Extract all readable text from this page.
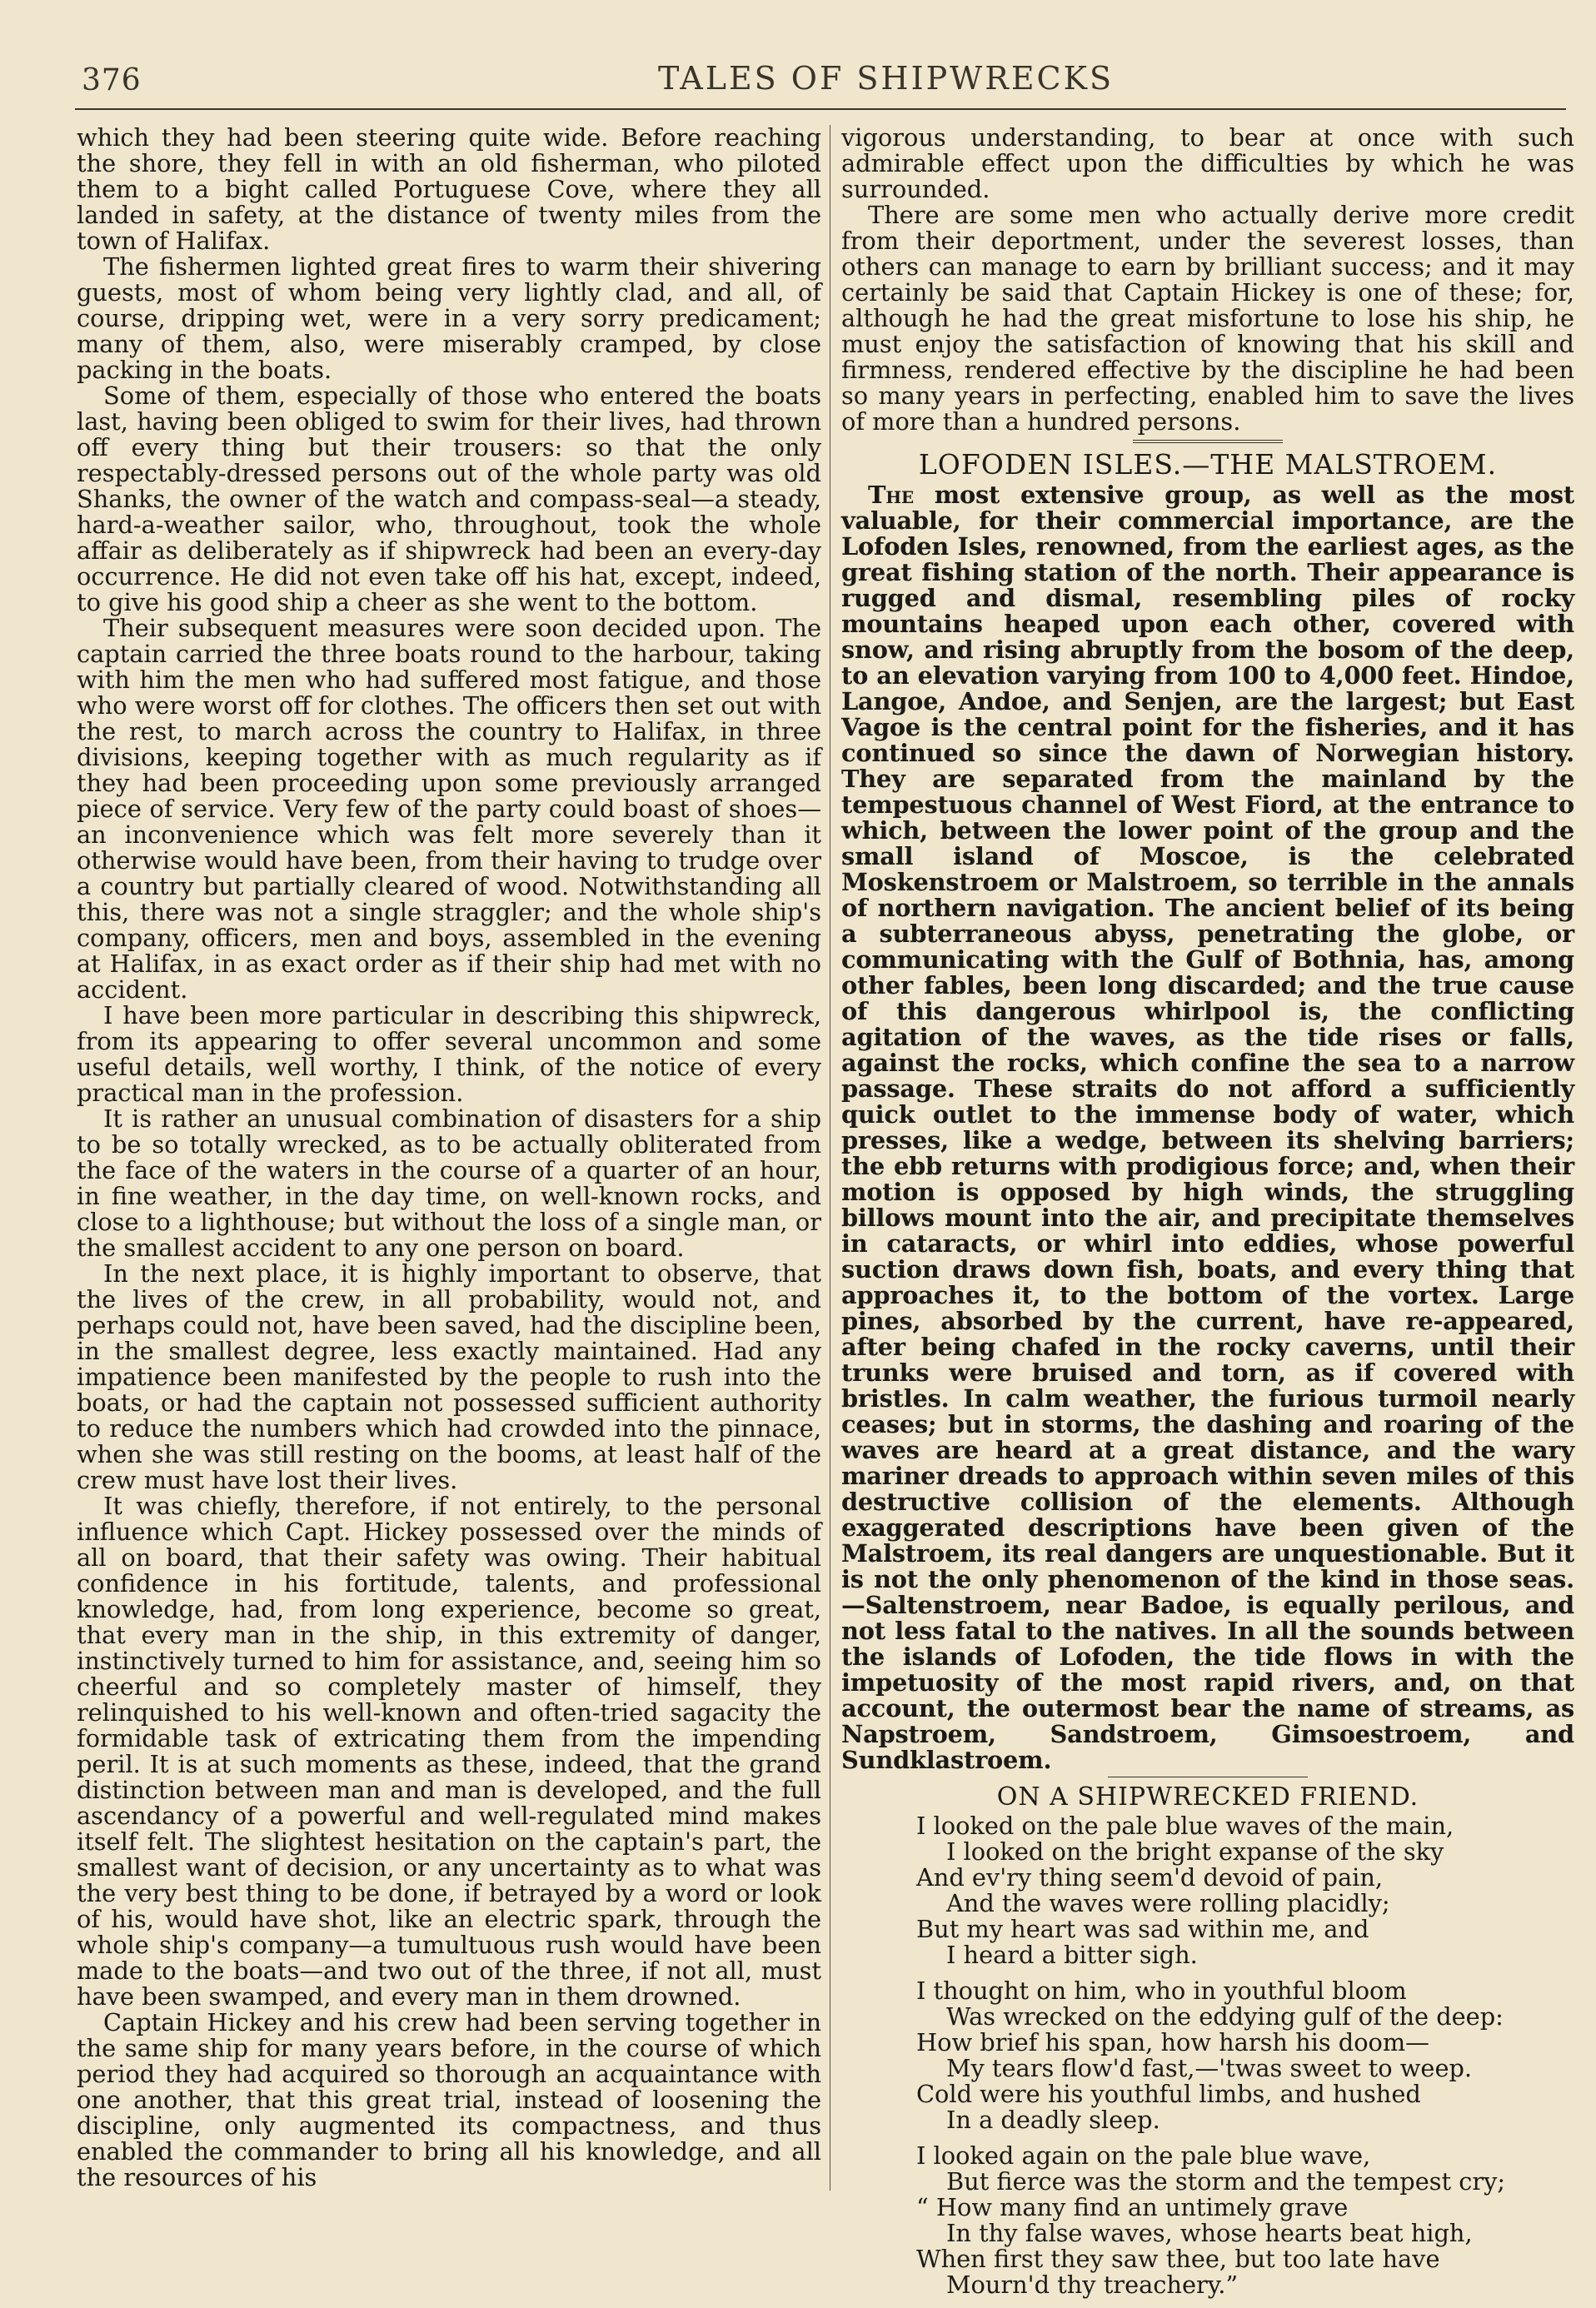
376	TALES OF SHIPWRECKS

which they had been steering quite wide. Before reaching the shore, they fell in with an old fisherman, who piloted them to a bight called Portuguese Cove, where they all landed in safety, at the distance of twenty miles from the town of Halifax.

The fishermen lighted great fires to warm their shivering guests, most of whom being very lightly clad, and all, of course, dripping wet, were in a very sorry predicament; many of them, also, were miserably cramped, by close packing in the boats.

Some of them, especially of those who entered the boats last, having been obliged to swim for their lives, had thrown off every thing but their trousers: so that the only respectably-dressed persons out of the whole party was old Shanks, the owner of the watch and compass-seal—a steady, hard-a-weather sailor, who, throughout, took the whole affair as deliberately as if shipwreck had been an every-day occurrence. He did not even take off his hat, except, indeed, to give his good ship a cheer as she went to the bottom.

Their subsequent measures were soon decided upon. The captain carried the three boats round to the harbour, taking with him the men who had suffered most fatigue, and those who were worst off for clothes. The officers then set out with the rest, to march across the country to Halifax, in three divisions, keeping together with as much regularity as if they had been proceeding upon some previously arranged piece of service. Very few of the party could boast of shoes—an inconvenience which was felt more severely than it otherwise would have been, from their having to trudge over a country but partially cleared of wood. Notwithstanding all this, there was not a single straggler; and the whole ship's company, officers, men and boys, assembled in the evening at Halifax, in as exact order as if their ship had met with no accident.

I have been more particular in describing this shipwreck, from its appearing to offer several uncommon and some useful details, well worthy, I think, of the notice of every practical man in the profession.

It is rather an unusual combination of disasters for a ship to be so totally wrecked, as to be actually obliterated from the face of the waters in the course of a quarter of an hour, in fine weather, in the day time, on well-known rocks, and close to a lighthouse; but without the loss of a single man, or the smallest accident to any one person on board.

In the next place, it is highly important to observe, that the lives of the crew, in all probability, would not, and perhaps could not, have been saved, had the discipline been, in the smallest degree, less exactly maintained. Had any impatience been manifested by the people to rush into the boats, or had the captain not possessed sufficient authority to reduce the numbers which had crowded into the pinnace, when she was still resting on the booms, at least half of the crew must have lost their lives.

It was chiefly, therefore, if not entirely, to the personal influence which Capt. Hickey possessed over the minds of all on board, that their safety was owing. Their habitual confidence in his fortitude, talents, and professional knowledge, had, from long experience, become so great, that every man in the ship, in this extremity of danger, instinctively turned to him for assistance, and, seeing him so cheerful and so completely master of himself, they relinquished to his well-known and often-tried sagacity the formidable task of extricating them from the impending peril. It is at such moments as these, indeed, that the grand distinction between man and man is developed, and the full ascendancy of a powerful and well-regulated mind makes itself felt. The slightest hesitation on the captain's part, the smallest want of decision, or any uncertainty as to what was the very best thing to be done, if betrayed by a word or look of his, would have shot, like an electric spark, through the whole ship's company—a tumultuous rush would have been made to the boats—and two out of the three, if not all, must have been swamped, and every man in them drowned.

Captain Hickey and his crew had been serving together in the same ship for many years before, in the course of which period they had acquired so thorough an acquaintance with one another, that this great trial, instead of loosening the discipline, only augmented its compactness, and thus enabled the commander to bring all his knowledge, and all the resources of his

vigorous understanding, to bear at once with such admirable effect upon the difficulties by which he was surrounded.

There are some men who actually derive more credit from their deportment, under the severest losses, than others can manage to earn by brilliant success; and it may certainly be said that Captain Hickey is one of these; for, although he had the great misfortune to lose his ship, he must enjoy the satisfaction of knowing that his skill and firmness, rendered effective by the discipline he had been so many years in perfecting, enabled him to save the lives of more than a hundred persons.

LOFODEN ISLES.—THE MALSTROEM.

The most extensive group, as well as the most valuable, for their commercial importance, are the Lofoden Isles, renowned, from the earliest ages, as the great fishing station of the north. Their appearance is rugged and dismal, resembling piles of rocky mountains heaped upon each other, covered with snow, and rising abruptly from the bosom of the deep, to an elevation varying from 100 to 4,000 feet. Hindoe, Langoe, Andoe, and Senjen, are the largest; but East Vagoe is the central point for the fisheries, and it has continued so since the dawn of Norwegian history. They are separated from the mainland by the tempestuous channel of West Fiord, at the entrance to which, between the lower point of the group and the small island of Moscoe, is the celebrated Moskenstroem or Malstroem, so terrible in the annals of northern navigation. The ancient belief of its being a subterraneous abyss, penetrating the globe, or communicating with the Gulf of Bothnia, has, among other fables, been long discarded; and the true cause of this dangerous whirlpool is, the conflicting agitation of the waves, as the tide rises or falls, against the rocks, which confine the sea to a narrow passage. These straits do not afford a sufficiently quick outlet to the immense body of water, which presses, like a wedge, between its shelving barriers; the ebb returns with prodigious force; and, when their motion is opposed by high winds, the struggling billows mount into the air, and precipitate themselves in cataracts, or whirl into eddies, whose powerful suction draws down fish, boats, and every thing that approaches it, to the bottom of the vortex. Large pines, absorbed by the current, have re-appeared, after being chafed in the rocky caverns, until their trunks were bruised and torn, as if covered with bristles. In calm weather, the furious turmoil nearly ceases; but in storms, the dashing and roaring of the waves are heard at a great distance, and the wary mariner dreads to approach within seven miles of this destructive collision of the elements. Although exaggerated descriptions have been given of the Malstroem, its real dangers are unquestionable. But it is not the only phenomenon of the kind in those seas.—Saltenstroem, near Badoe, is equally perilous, and not less fatal to the natives. In all the sounds between the islands of Lofoden, the tide flows in with the impetuosity of the most rapid rivers, and, on that account, the outermost bear the name of streams, as Napstroem, Sandstroem, Gimsoestroem, and Sundklastroem.

ON A SHIPWRECKED FRIEND.
I looked on the pale blue waves of the main,
I looked on the bright expanse of the sky
And ev'ry thing seem'd devoid of pain,
And the waves were rolling placidly;
But my heart was sad within me, and
I heard a bitter sigh.
I thought on him, who in youthful bloom
Was wrecked on the eddying gulf of the deep:
How brief his span, how harsh his doom—
My tears flow'd fast,—'twas sweet to weep.
Cold were his youthful limbs, and hushed
In a deadly sleep.
I looked again on the pale blue wave,
But fierce was the storm and the tempest cry;
“ How many find an untimely grave
In thy false waves, whose hearts beat high,
When first they saw thee, but too late have
Mourn'd thy treachery.”
